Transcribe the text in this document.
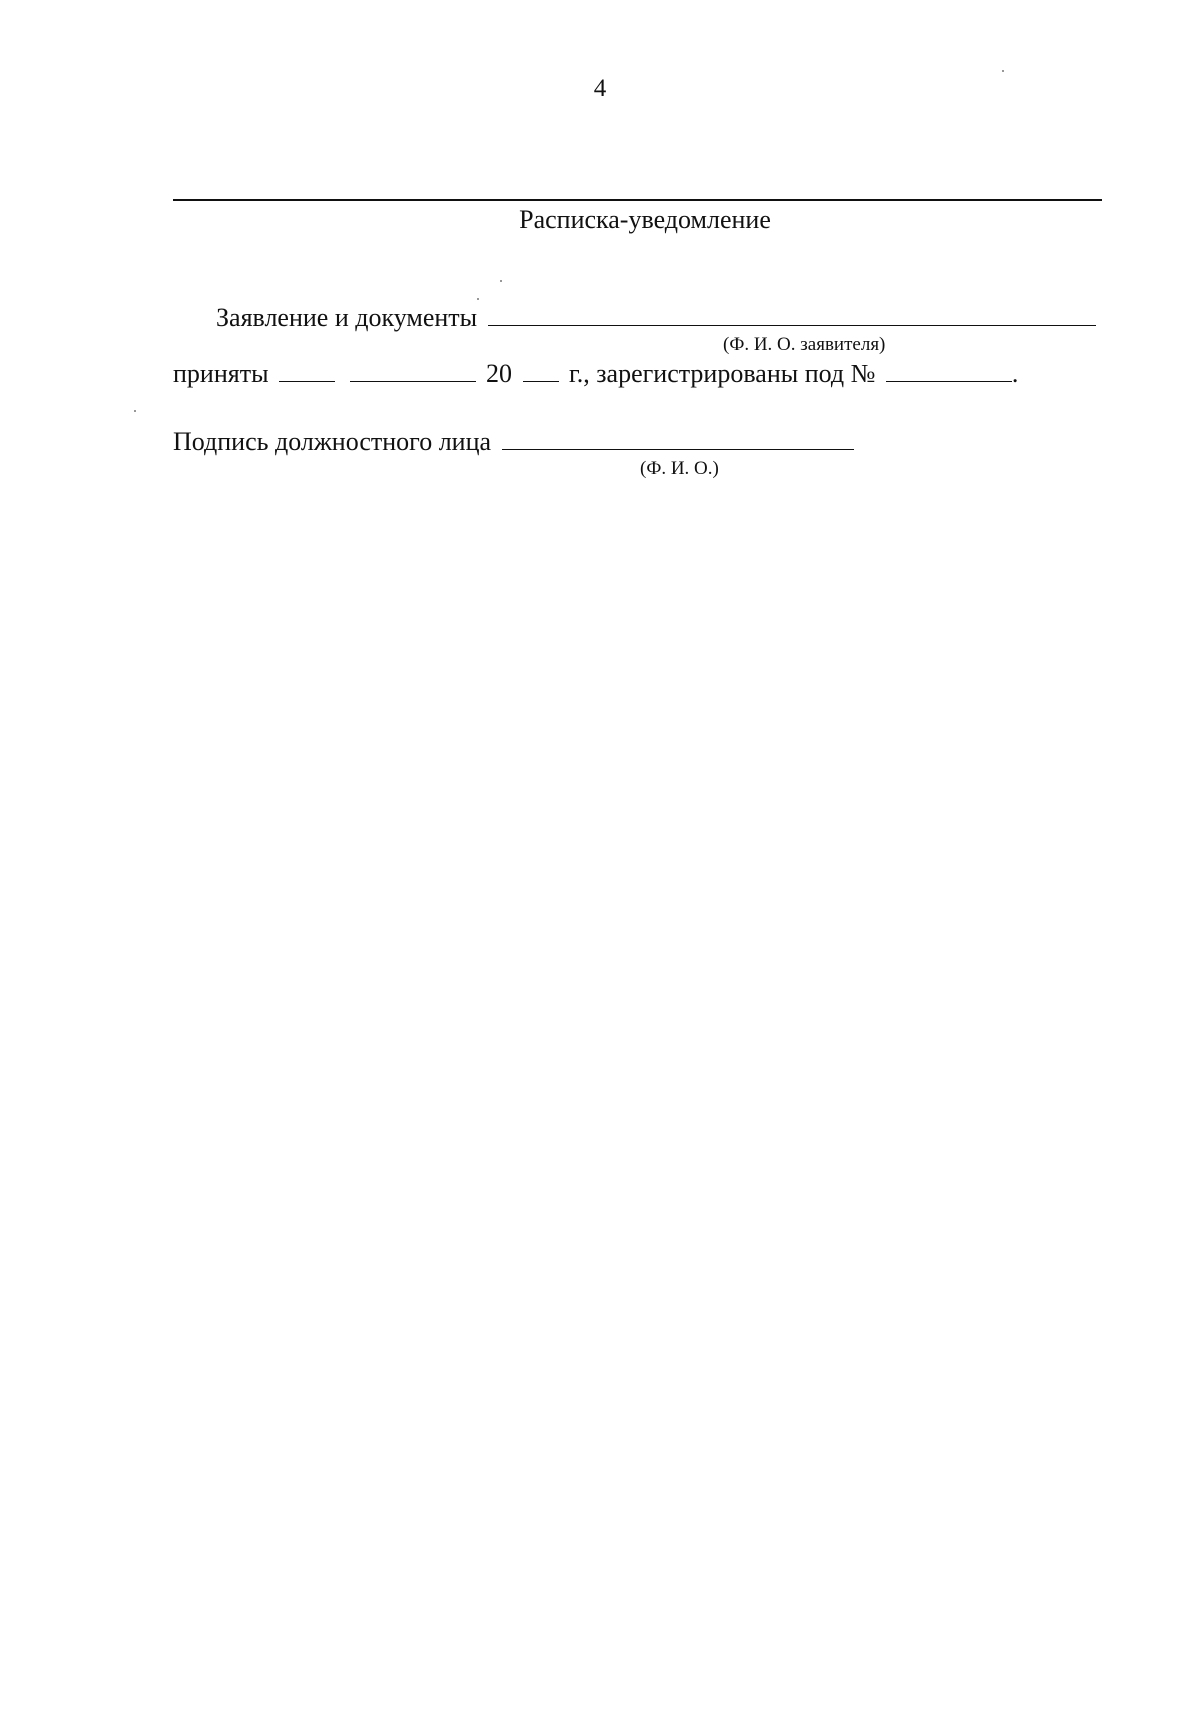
4
Расписка-уведомление
Заявление и документы
(Ф. И. О. заявителя)
приняты	20 г., зарегистрированы под №	.
Подпись должностного лица
(Ф. И. О.)
